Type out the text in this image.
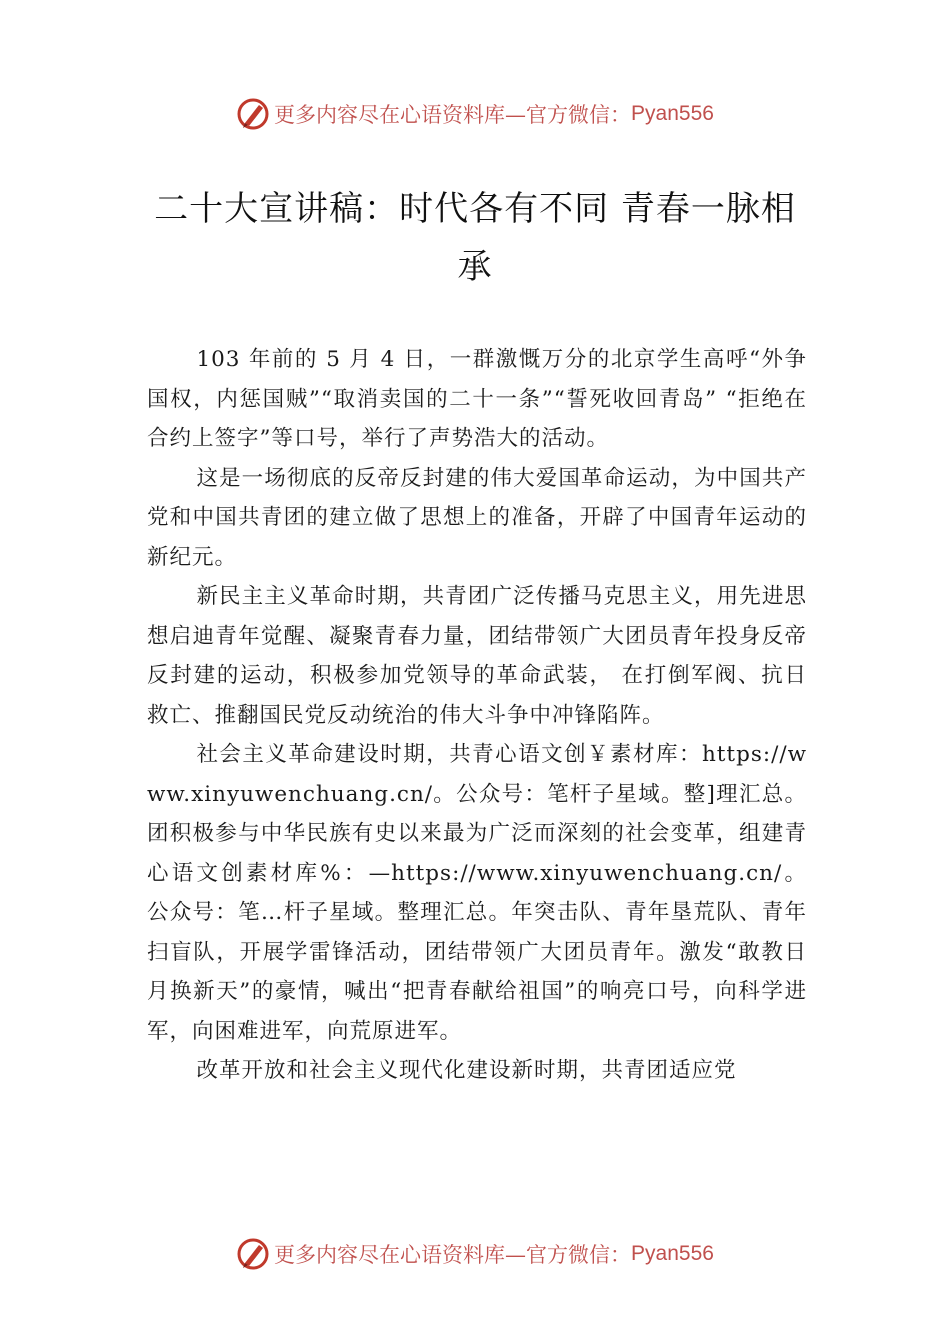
更多内容尽在心语资料库—官方微信： Pyan556
二十大宣讲稿：时代各有不同 青春一脉相承

103 年前的 5 月 4 日，一群激慨万分的北京学生高呼“外争国权，内惩国贼”“取消卖国的二十一条”“誓死收回青岛” “拒绝在合约上签字”等口号，举行了声势浩大的活动。

这是一场彻底的反帝反封建的伟大爱国革命运动，为中国共产党和中国共青团的建立做了思想上的准备，开辟了中国青年运动的新纪元。

新民主主义革命时期，共青团广泛传播马克思主义，用先进思想启迪青年觉醒、凝聚青春力量，团结带领广大团员青年投身反帝反封建的运动，积极参加党领导的革命武装， 在打倒军阀、抗日救亡、推翻国民党反动统治的伟大斗争中冲锋陷阵。

社会主义革命建设时期，共青心语文创￥素材库：https://www.xinyuwenchuang.cn/。公众号：笔杆子星域。整]理汇总。团积极参与中华民族有史以来最为广泛而深刻的社会变革，组建青心语文创素材库%：—https://www.xinyuwenchuang.cn/。公众号：笔…杆子星域。整理汇总。年突击队、青年垦荒队、青年扫盲队，开展学雷锋活动，团结带领广大团员青年。激发“敢教日月换新天”的豪情，喊出“把青春献给祖国”的响亮口号，向科学进军，向困难进军，向荒原进军。

改革开放和社会主义现代化建设新时期，共青团适应党

更多内容尽在心语资料库—官方微信： Pyan556
